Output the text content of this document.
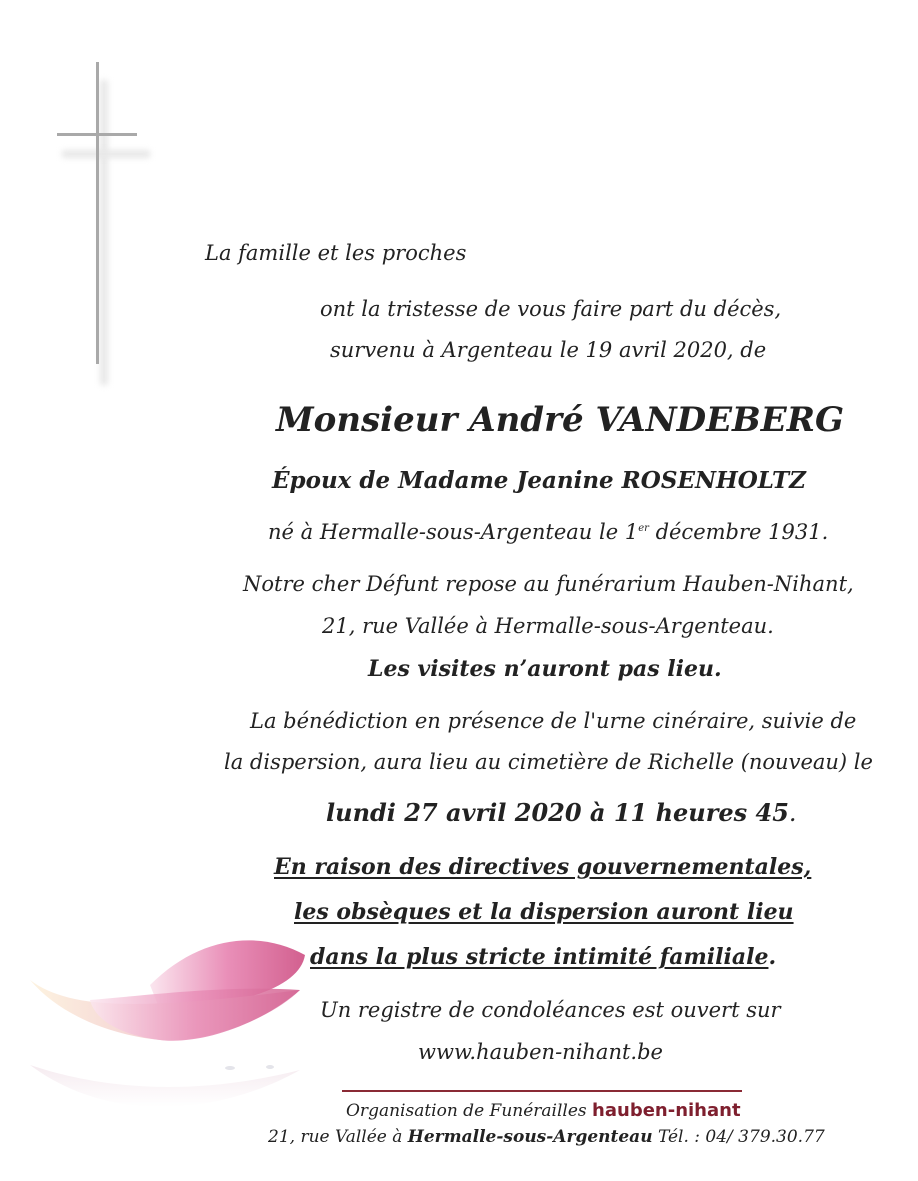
La famille et les proches
ont la tristesse de vous faire part du décès,
survenu à Argenteau le 19 avril 2020, de
Monsieur André VANDEBERG
Époux de Madame Jeanine ROSENHOLTZ
né à Hermalle-sous-Argenteau le 1er décembre 1931.
Notre cher Défunt repose au funérarium Hauben-Nihant,
21, rue Vallée à Hermalle-sous-Argenteau.
Les visites n’auront pas lieu.
La bénédiction en présence de l'urne cinéraire, suivie de
la dispersion, aura lieu au cimetière de Richelle (nouveau) le
lundi 27 avril 2020 à 11 heures 45.
En raison des directives gouvernementales,
les obsèques et la dispersion auront lieu
dans la plus stricte intimité familiale.
Un registre de condoléances est ouvert sur
www.hauben-nihant.be
Organisation de Funérailles hauben-nihant
21, rue Vallée à Hermalle-sous-Argenteau Tél. : 04/ 379.30.77
